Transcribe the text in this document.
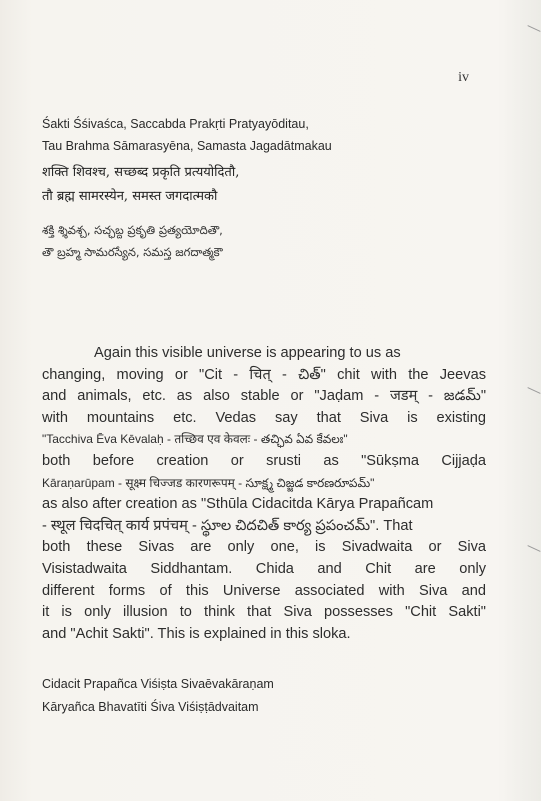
iv

Śakti Śśivaśca, Saccabda Prakṛti Pratyayōditau,

Tau Brahma Sāmarasyēna, Samasta Jagadātmakau

शक्ति शिवश्च, सच्छब्द प्रकृति प्रत्ययोदितौ,

तौ ब्रह्म सामरस्येन, समस्त जगदात्मकौ

శక్తి శ్శివశ్చ, సచ్ఛబ్ద ప్రకృతి ప్రత్యయోదితౌ,

తౌ బ్రహ్మ సామరస్యేన, సమస్త జగదాత్మకౌ

Again this visible universe is appearing to us as

changing, moving or "Cit - चित् - చిత్" chit with the Jeevas

and animals, etc. as also stable or "Jaḍam - जडम् - జడమ్"

with mountains etc. Vedas say that Siva is existing

"Tacchiva Ēva Kēvalaḥ - तच्छिव एव केवलः - తచ్ఛివ ఏవ కేవలః"

both before creation or srusti as "Sūkṣma Cijjaḍa

Kāraṇarūpam - सूक्ष्म चिज्जड कारणरूपम् - సూక్ష్మ చిజ్జడ కారణరూపమ్"

as also after creation as "Sthūla Cidacitda Kārya Prapañcam

- स्थूल चिदचित् कार्य प्रपंचम् - స్థూల చిదచిత్ కార్య ప్రపంచమ్". That

both these Sivas are only one, is Sivadwaita or Siva

Visistadwaita Siddhantam. Chida and Chit are only

different forms of this Universe associated with Siva and

it is only illusion to think that Siva possesses "Chit Sakti"

and "Achit Sakti". This is explained in this sloka.

Cidacit Prapañca Viśiṣta Sivaēvakāraṇam

Kāryañca Bhavatīti Śiva Viśiṣṭādvaitam
